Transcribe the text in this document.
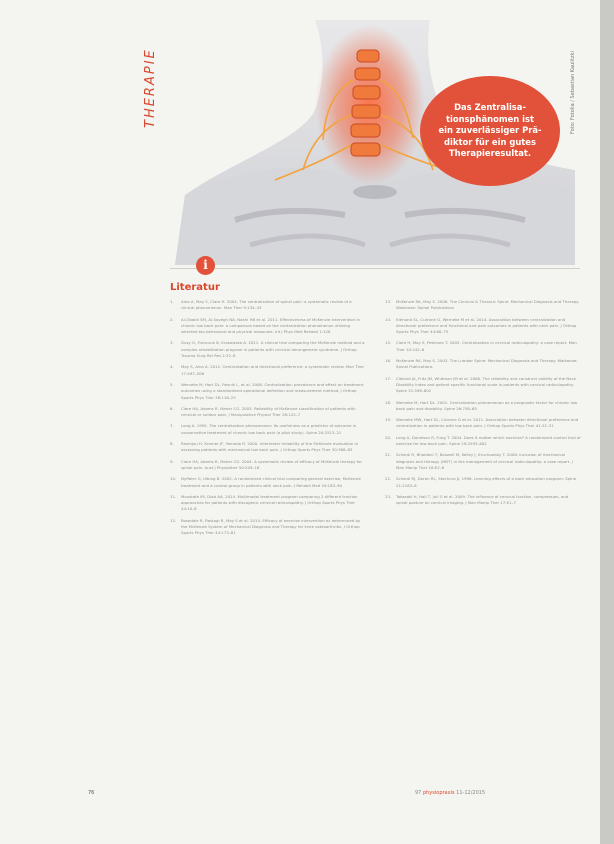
THERAPIE	Foto: Fotolia / Sebastian Kaulitzki
Das Zentralisa-
tionsphänomen ist
ein zuverlässiger Prä-
diktor für ein gutes
Therapieresultat.
i
Literatur
1.	Aina A, May S, Clare H. 2004. The centralization of spinal pain: a systematic review of a clinical phenomenon. Man Ther 9:134–43
2.	Al-Obaidi SM, Al-Sayegh NA, Nakhi HB et al. 2011. Effectiveness of McKenzie intervention in chronic low back pain: a comparison based on the centralization phenomenon utilizing selected bio-behavioral and physical measures. Int J Phys Med Rehabil 1:128
3.	Guzy G, Franczuk B, Krakowska A. 2011. A clinical trial comparing the McKenzie method and a complex rehabilitation program in patients with cervical derangement syndrome. J Orthop Trauma Surg Rel Res 2:32–8
4.	May S, Aina A. 2012. Centralization and directional preference: a systematic review. Man Ther 17:497–506
5.	Werneke M, Hart DL, Resnik L, et al. 2008. Centralization: prevalence and effect on treatment outcomes using a standardized operational definition and measurement method. J Orthop Sports Phys Ther 38:116–25
6.	Clare HA, Adams R, Maher CG. 2005. Reliability of McKenzie classification of patients with cervical or lumbar pain. J Manipulative Physiol Ther 28:122–7
7.	Long A. 1995. The centralization phenomenon: its usefulness as a predictor of outcome in conservative treatment of chronic low back pain (a pilot study). Spine 20:2513–21
8.	Razmjou H, Kramer JF, Yamada R. 2000. Intertester reliability of the McKenzie evaluation in assessing patients with mechanical low back pain. J Orthop Sports Phys Ther 30:368–83
9.	Clare HA, Adams R, Maher CG. 2004. A systematic review of efficacy of McKenzie therapy for spinal pain. Aust J Physiother 50:209–16
10.	Nyffeler G, Ulbing B. 2002. A randomized clinical trial comparing general exercise, McKenzie treatment and a control group in patients with neck pain. J Rehabil Med 34:183–90
11.	Moustafa IM, Diab AA. 2014. Multimodal treatment program comparing 2 different traction approaches for patients with discogenic cervical radiculopathy. J Orthop Sports Phys Ther 44:10–8
12.	Rosedale R, Rastogi R, May S et al. 2014. Efficacy of exercise intervention as determined by the McKenzie System of Mechanical Diagnosis and Therapy for knee osteoarthritis. J Orthop Sports Phys Ther 44:173–81
13.	McKenzie RA, May S. 2006. The Cervical & Thoracic Spine: Mechanical Diagnosis and Therapy. Waikanae: Spinal Publications
14.	Edmond SL, Cutrone G, Werneke M et al. 2014. Association between centralization and directional preference and functional and pain outcomes in patients with neck pain. J Orthop Sports Phys Ther 44:68–75
15.	Clare H, May S, Petersen T. 2005. Centralization in cervical radiculopathy: a case report. Man Ther 10:242–6
16.	McKenzie RA, May S. 2003. The Lumbar Spine: Mechanical Diagnosis and Therapy. Waikanae: Spinal Publications
17.	Cleland JA, Fritz JM, Whitman JM et al. 2006. The reliability and construct validity of the Neck Disability Index and patient specific functional scale in patients with cervical radiculopathy. Spine 31:598–602
18.	Werneke M, Hart DL. 2001. Centralization phenomenon as a prognostic factor for chronic low back pain and disability. Spine 26:758–65
19.	Werneke MW, Hart DL, Cutrone G et al. 2011. Association between directional preference and centralization in patients with low back pain. J Orthop Sports Phys Ther 41:22–31
20.	Long A, Donelson R, Fung T. 2004. Does it matter which exercise? A randomized control trial of exercise for low back pain. Spine 29:2593–602
21.	Schenk R, Bhaidani T, Boswell M, Kelley J, Kruchowsky T. 2008. Inclusion of mechanical diagnosis and therapy (MDT) in the management of cervical radiculopathy: a case report. J Man Manip Ther 16:E2–8
22.	Schenk RJ, Doran RL, Stachura JJ. 1996. Learning effects of a back education program. Spine 21:2183–8
23.	Takasaki H, Hall T, Jull G et al. 2009. The influence of cervical traction, compression, and spinal posture on cervical imaging. J Man Manip Ther 17:E1–7
76	97 physiopraxis 11-12/2015
